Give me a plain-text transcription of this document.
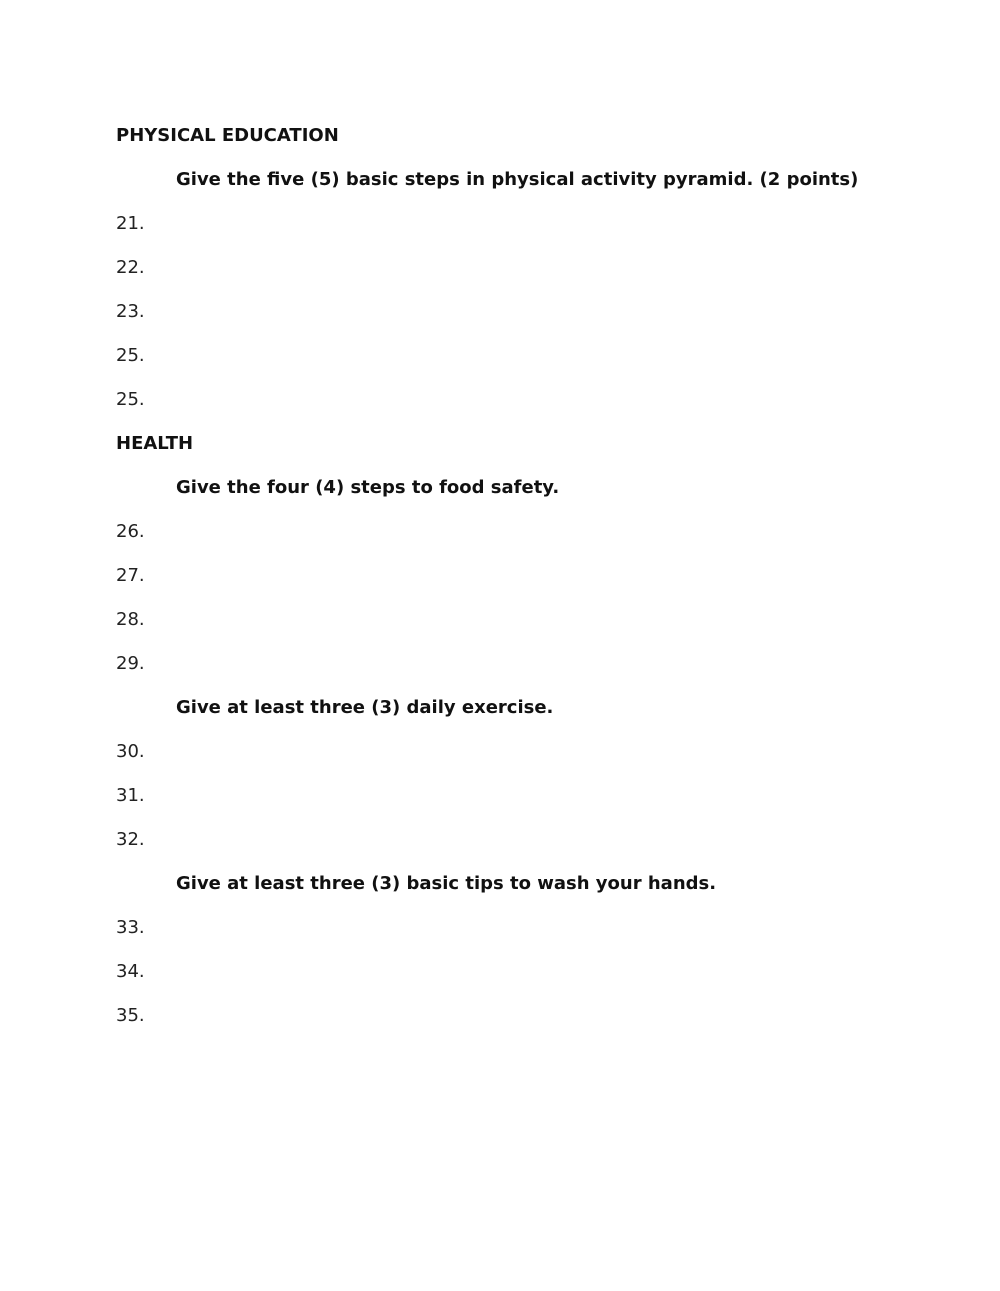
PHYSICAL EDUCATION
Give the five (5) basic steps in physical activity pyramid. (2 points)
21.
22.
23.
25.
25.
HEALTH
Give the four (4) steps to food safety.
26.
27.
28.
29.
Give at least three (3) daily exercise.
30.
31.
32.
Give at least three (3) basic tips to wash your hands.
33.
34.
35.
